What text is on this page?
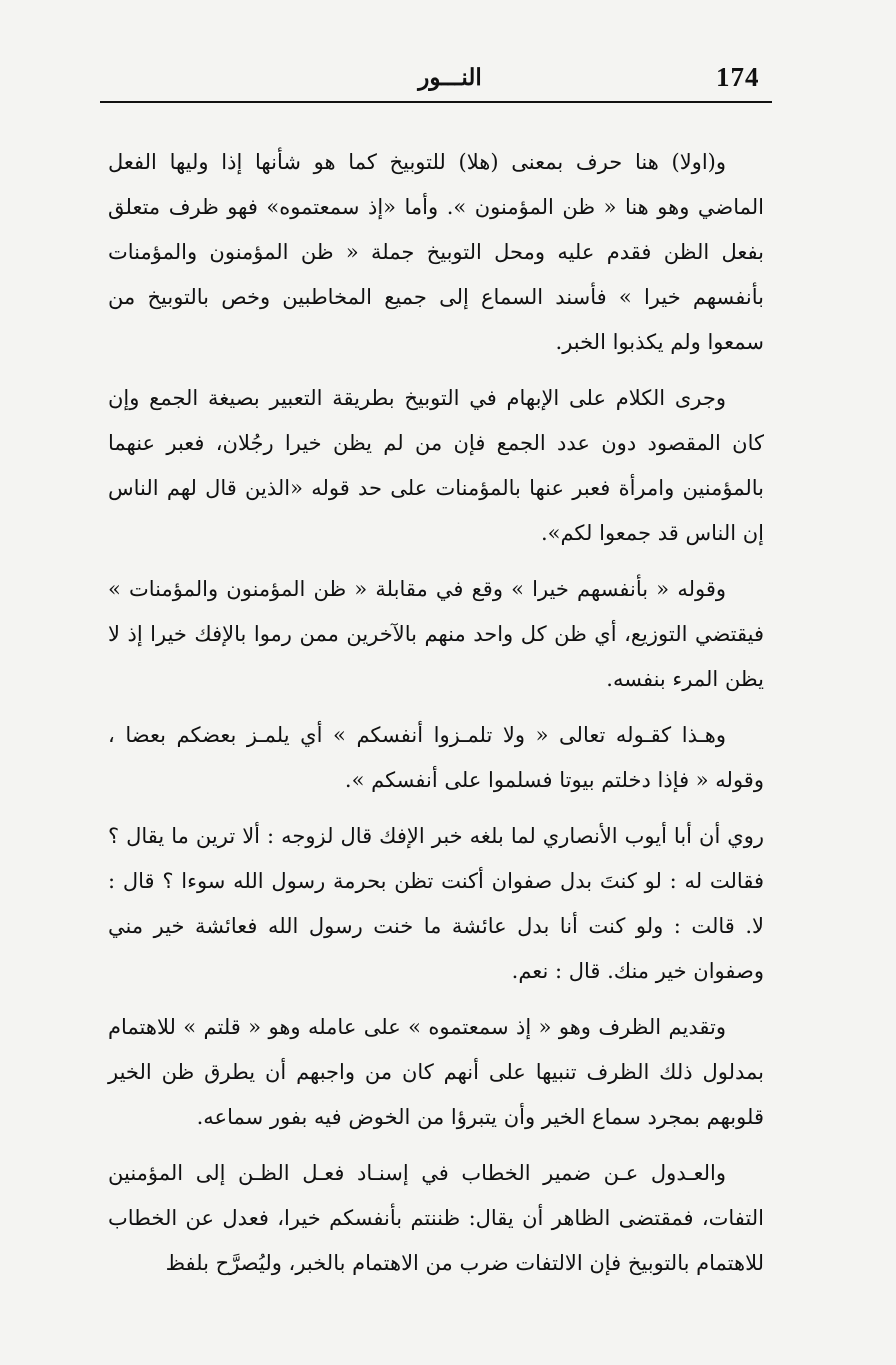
174
النـــور

و(اولا) هنا حرف بمعنى (هلا) للتوبيخ كما هو شأنها إذا وليها الفعل الماضي وهو هنا « ظن المؤمنون ». وأما «إذ سمعتموه» فهو ظرف متعلق بفعل الظن فقدم عليه ومحل التوبيخ جملة « ظن المؤمنون والمؤمنات بأنفسهم خيرا » فأسند السماع إلى جميع المخاطبين وخص بالتوبيخ من سمعوا ولم يكذبوا الخبر.

وجرى الكلام على الإبهام في التوبيخ بطريقة التعبير بصيغة الجمع وإن كان المقصود دون عدد الجمع فإن من لم يظن خيرا رجُلان، فعبر عنهما بالمؤمنين وامرأة فعبر عنها بالمؤمنات على حد قوله «الذين قال لهم الناس إن الناس قد جمعوا لكم».

وقوله « بأنفسهم خيرا » وقع في مقابلة « ظن المؤمنون والمؤمنات » فيقتضي التوزيع، أي ظن كل واحد منهم بالآخرين ممن رموا بالإفك خيرا إذ لا يظن المرء بنفسه.

وهـذا كقـوله تعالى « ولا تلمـزوا أنفسكم » أي يلمـز بعضكم بعضا ، وقوله « فإذا دخلتم بيوتا فسلموا على أنفسكم ».

روي أن أبا أيوب الأنصاري لما بلغه خبر الإفك قال لزوجه : ألا ترين ما يقال ؟ فقالت له : لو كنتَ بدل صفوان أكنت تظن بحرمة رسول الله سوءا ؟ قال : لا. قالت : ولو كنت أنا بدل عائشة ما خنت رسول الله فعائشة خير مني وصفوان خير منك. قال : نعم.

وتقديم الظرف وهو « إذ سمعتموه » على عامله وهو « قلتم » للاهتمام بمدلول ذلك الظرف تنبيها على أنهم كان من واجبهم أن يطرق ظن الخير قلوبهم بمجرد سماع الخير وأن يتبرؤا من الخوض فيه بفور سماعه.

والعـدول عـن ضمير الخطاب في إسنـاد فعـل الظـن إلى المؤمنين التفات، فمقتضى الظاهر أن يقال: ظننتم بأنفسكم خيرا، فعدل عن الخطاب للاهتمام بالتوبيخ فإن الالتفات ضرب من الاهتمام بالخبر، وليُصرَّح بلفظ
